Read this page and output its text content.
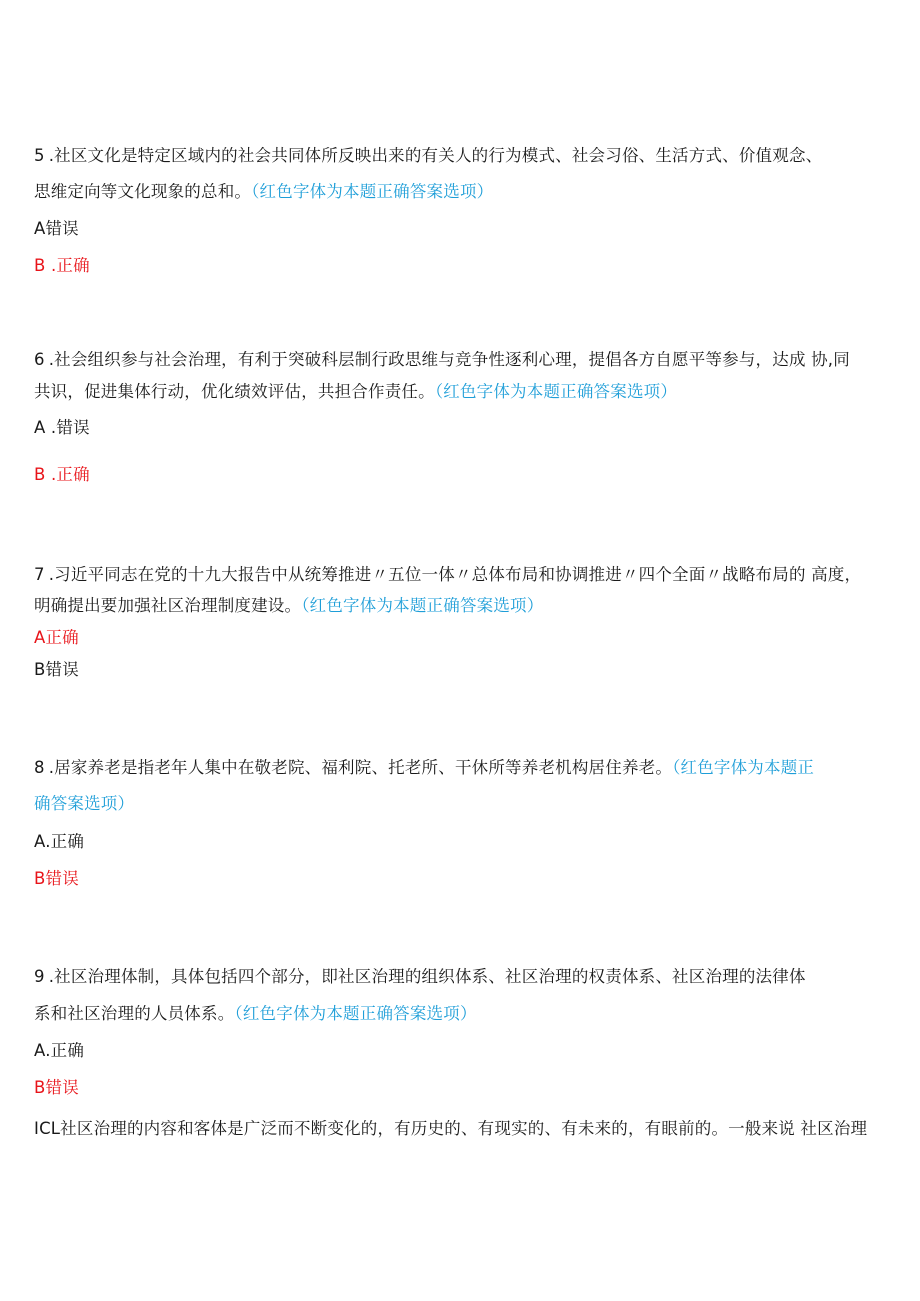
5 .社区文化是特定区域内的社会共同体所反映出来的有关人的行为模式、社会习俗、生活方式、价值观念、
思维定向等文化现象的总和。（红色字体为本题正确答案选项）
A错误
B .正确
6 .社会组织参与社会治理，有利于突破科层制行政思维与竞争性逐利心理，提倡各方自愿平等参与，达成 协,同
共识，促进集体行动，优化绩效评估，共担合作责任。（红色字体为本题正确答案选项）
A .错误
B .正确
7 .习近平同志在党的十九大报告中从统筹推进〃五位一体〃总体布局和协调推进〃四个全面〃战略布局的 高度，
明确提出要加强社区治理制度建设。（红色字体为本题正确答案选项）
A正确
B错误
8 .居家养老是指老年人集中在敬老院、福利院、托老所、干休所等养老机构居住养老。（红色字体为本题正
确答案选项）
A.正确
B错误
9 .社区治理体制，具体包括四个部分，即社区治理的组织体系、社区治理的权责体系、社区治理的法律体
系和社区治理的人员体系。（红色字体为本题正确答案选项）
A.正确
B错误
ICL社区治理的内容和客体是广泛而不断变化的，有历史的、有现实的、有未来的，有眼前的。一般来说 社区治理
